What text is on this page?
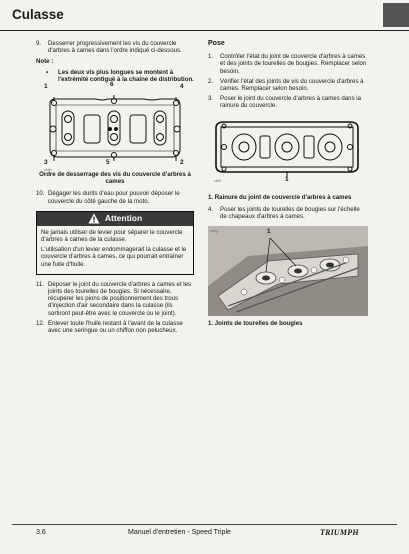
Culasse
9.	Desserrer progressivement les vis du couvercle d'arbres à cames dans l'ordre indiqué ci-dessous.
Note :
•	Les deux vis plus longues se montent à l'extrémité contiguë à la chaîne de distribution.
1	6	4
3	5	2
cbhh
Ordre de desserrage des vis du couvercle d'arbres à cames
10. Dégager les durits d'eau pour pouvoir déposer le couvercle du côté gauche de la moto.
Attention

Ne jamais utiliser de levier pour séparer le couvercle d'arbres à cames de la culasse.

L'utilisation d'un levier endommagerait la culasse et le couvercle d'arbres à cames, ce qui pourrait entraîner une fuite d'huile.

11. Déposer le joint du couvercle d'arbres à cames et les joints des tourelles de bougies. Si nécessaire, récupérer les pions de positionnement des trous d'injection d'air secondaire dans la culasse (ils sortiront peut-être avec le couvercle ou le joint).
12. Enlever toute l'huile restant à l'avant de la culasse avec une seringue ou un chiffon non pelucheux.
Pose
1.	Contrôler l'état du joint de couvercle d'arbres à cames et des joints de tourelles de bougies. Remplacer selon besoin.
2.	Vérifier l'état des joints de vis du couvercle d'arbres à cames. Remplacer selon besoin.
3.	Poser le joint du couvercle d'arbres à cames dans la rainure du couvercle.
1
cbhf
1. Rainure du joint de couvercle d'arbres à cames
4.	Poser les joints de tourelles de bougies sur l'échelle de chapeaux d'arbres à cames.
1
cbhg
1. Joints de tourelles de bougies
3.6	Manuel d'entretien - Speed Triple	TRIUMPH
